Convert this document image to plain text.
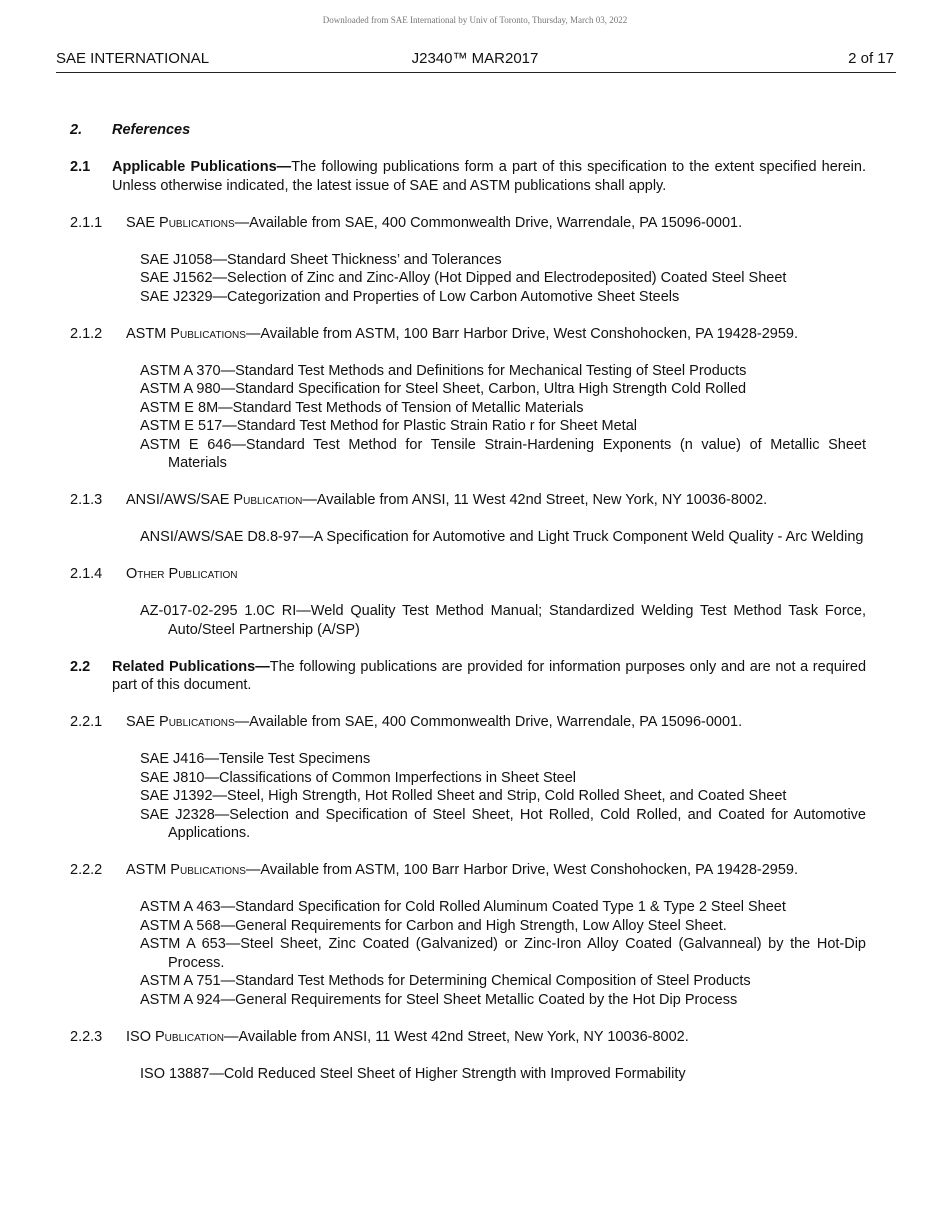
Downloaded from SAE International by Univ of Toronto, Thursday, March 03, 2022
SAE INTERNATIONAL	J2340™ MAR2017	2 of 17
2.	References
2.1	Applicable Publications—The following publications form a part of this specification to the extent specified herein. Unless otherwise indicated, the latest issue of SAE and ASTM publications shall apply.
2.1.1	SAE Publications—Available from SAE, 400 Commonwealth Drive, Warrendale, PA 15096-0001.
SAE J1058—Standard Sheet Thickness’ and Tolerances
SAE J1562—Selection of Zinc and Zinc-Alloy (Hot Dipped and Electrodeposited) Coated Steel Sheet
SAE J2329—Categorization and Properties of Low Carbon Automotive Sheet Steels
2.1.2	ASTM Publications—Available from ASTM, 100 Barr Harbor Drive, West Conshohocken, PA 19428-2959.
ASTM A 370—Standard Test Methods and Definitions for Mechanical Testing of Steel Products
ASTM A 980—Standard Specification for Steel Sheet, Carbon, Ultra High Strength Cold Rolled
ASTM E 8M—Standard Test Methods of Tension of Metallic Materials
ASTM E 517—Standard Test Method for Plastic Strain Ratio r for Sheet Metal
ASTM E 646—Standard Test Method for Tensile Strain-Hardening Exponents (n value) of Metallic Sheet Materials
2.1.3	ANSI/AWS/SAE Publication—Available from ANSI, 11 West 42nd Street, New York, NY 10036-8002.
ANSI/AWS/SAE D8.8-97—A Specification for Automotive and Light Truck Component Weld Quality - Arc Welding
2.1.4	Other Publication
AZ-017-02-295 1.0C RI—Weld Quality Test Method Manual; Standardized Welding Test Method Task Force, Auto/Steel Partnership (A/SP)
2.2	Related Publications—The following publications are provided for information purposes only and are not a required part of this document.
2.2.1	SAE Publications—Available from SAE, 400 Commonwealth Drive, Warrendale, PA 15096-0001.
SAE J416—Tensile Test Specimens
SAE J810—Classifications of Common Imperfections in Sheet Steel
SAE J1392—Steel, High Strength, Hot Rolled Sheet and Strip, Cold Rolled Sheet, and Coated Sheet
SAE J2328—Selection and Specification of Steel Sheet, Hot Rolled, Cold Rolled, and Coated for Automotive Applications.
2.2.2	ASTM Publications—Available from ASTM, 100 Barr Harbor Drive, West Conshohocken, PA 19428-2959.
ASTM A 463—Standard Specification for Cold Rolled Aluminum Coated Type 1 & Type 2 Steel Sheet
ASTM A 568—General Requirements for Carbon and High Strength, Low Alloy Steel Sheet.
ASTM A 653—Steel Sheet, Zinc Coated (Galvanized) or Zinc-Iron Alloy Coated (Galvanneal) by the Hot-Dip Process.
ASTM A 751—Standard Test Methods for Determining Chemical Composition of Steel Products
ASTM A 924—General Requirements for Steel Sheet Metallic Coated by the Hot Dip Process
2.2.3	ISO Publication—Available from ANSI, 11 West 42nd Street, New York, NY 10036-8002.
ISO 13887—Cold Reduced Steel Sheet of Higher Strength with Improved Formability
